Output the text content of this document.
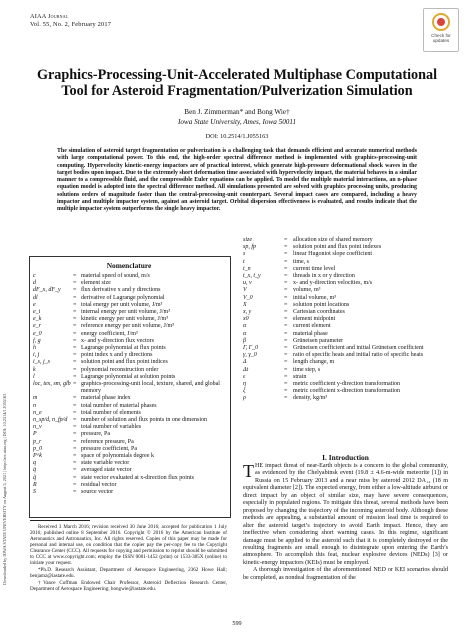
AIAA Journal
Vol. 55, No. 2, February 2017
Check for
updates
Graphics-Processing-Unit-Accelerated Multiphase Computational
Tool for Asteroid Fragmentation/Pulverization Simulation
Ben J. Zimmerman* and Bong Wie†
Iowa State University, Ames, Iowa 50011
DOI: 10.2514/1.J055163
The simulation of asteroid target fragmentation or pulverization is a challenging task that demands efficient and accurate numerical methods with large computational power. To this end, the high-order spectral difference method is implemented with graphics-processing-unit computing. Hypervelocity kinetic-energy impactors are of practical interest, which generate high-pressure deformational shock waves in the target bodies upon impact. Due to the extremely short deformation time associated with hypervelocity impact, the material behaves in a similar manner to a compressible fluid, and the compressible Euler equations can be applied. To model the multiple material interactions, an n-phase equation model is adopted into the spectral difference method. All simulations presented are solved with graphics processing units, producing solutions orders of magnitude faster than the central-processing-unit counterpart. Several impact cases are compared, including a heavy impactor and multiple impactor system, against an asteroid target. Orbital dispersion effectiveness is evaluated, and results indicate that the multiple impactor system outperforms the single heavy impactor.
Downloaded by IOWA STATE UNIVERSITY on August 5, 2021 | http://arc.aiaa.org | DOI: 10.2514/1.J055163
Nomenclature
c	= material speed of sound, m/s
d	= element size
dF_x, dF_y	= flux derivative x and y directions
dl	= derivative of Lagrange polynomial
e	= total energy per unit volume, J/m³
e_i	= internal energy per unit volume, J/m³
e_k	= kinetic energy per unit volume, J/m³
e_r	= reference energy per unit volume, J/m³
e_0	= energy coefficient, J/m³
f, g	= x- and y-direction flux vectors
h	= Lagrange polynomial at flux points
i, j	= point index x and y directions
i_s, j_s	= solution point and flux point indices
k	= polynomial reconstruction order
l	= Lagrange polynomial at solution points
loc, tex, sm, glb = graphics-processing-unit local, texture, shared, and global memory
m	= material phase index
n	= total number of material phases
n_e	= total number of elements
n_sp/d, n_fp/d = number of solution and flux points in one dimension
n_v	= total number of variables
P	= pressure, Pa
p_r	= reference pressure, Pa
p_0	= pressure coefficient, Pa
P^k	= space of polynomials degree k
q	= state variable vector
q̄	= averaged state vector
q̃	= state vector evaluated at x-direction flux points
R	= residual vector
S	= source vector
size	= allocation size of shared memory
sp, fp	= solution point and flux point indexes
s	= linear Hugoniot slope coefficient
t	= time, s
t_n	= current time level
t_x, t_y	= threads in x or y direction
u, v	= x- and y-direction velocities, m/s
V	= volume, m³
V_0	= initial volume, m³
X	= solution point locations
x, y	= Cartesian coordinates
x0	= element midpoint
α	= current element
α	= material phase
β	= Grüneisen parameter
Γ, Γ_0	= Grüneisen coefficient and initial Grüneisen coefficient
γ, γ_0	= ratio of specific heats and initial ratio of specific heats
Δ	= length change, m
Δt	= time step, s
ε	= strain
η	= metric coefficient y-direction transformation
ξ	= metric coefficient x-direction transformation
ρ	= density, kg/m³

Received 3 March 2016; revision received 30 June 2016; accepted for publication 1 July 2016; published online 8 September 2016. Copyright © 2016 by the American Institute of Aeronautics and Astronautics, Inc. All rights reserved. Copies of this paper may be made for personal and internal use, on condition that the copier pay the per-copy fee to the Copyright Clearance Center (CCC). All requests for copying and permission to reprint should be submitted to CCC at www.copyright.com; employ the ISSN 0001-1452 (print) or 1533-385X (online) to initiate your request.

*Ph.D. Research Assistant, Department of Aerospace Engineering, 2362 Howe Hall; benjamz@iastate.edu.

†Vance Coffman Endowed Chair Professor, Asteroid Deflection Research Center, Department of Aerospace Engineering; bongwie@iastate.edu.

I. Introduction

THE impact threat of near-Earth objects is a concern to the global community, as evidenced by the Chelyabinsk event (19.8 ± 4.6-m-wide meteorite [1]) in Russia on 15 February 2013 and a near miss by asteroid 2012 DA₁₄ (18 m equivalent diameter [2]). The expected energy, from either a low-altitude airburst or direct impact by an object of similar size, may have severe consequences, especially in populated regions. To mitigate this threat, several methods have been proposed by changing the trajectory of the incoming asteroid body. Although these methods are appealing, a substantial amount of mission lead time is required to alter the asteroid target’s trajectory to avoid Earth impact. Hence, they are ineffective when considering short warning cases. In this regime, significant damage must be applied to the asteroid such that it is completely destroyed or the resulting fragments are small enough to disintegrate upon entering the Earth’s atmosphere. To accomplish this feat, nuclear explosive devices (NEDs) [3] or kinetic-energy impactors (KEIs) must be employed.

A thorough investigation of the aforementioned NED or KEI scenarios should be completed, as nondeal fragmentation of the

599
